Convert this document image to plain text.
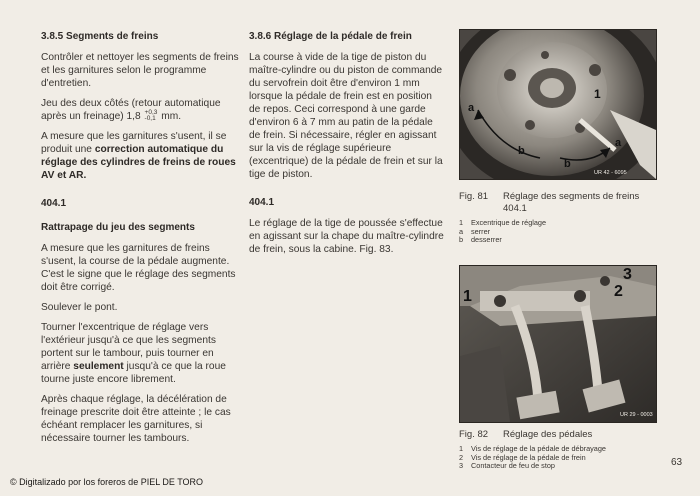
3.8.5 Segments de freins

Contrôler et nettoyer les segments de freins et les garnitures selon le programme d'entretien.

Jeu des deux côtés (retour automatique après un freinage) 1,8 +0,3
-0,1 mm.

A mesure que les garnitures s'usent, il se produit une correction automatique du réglage des cylindres de freins de roues AV et AR.

404.1
Rattrapage du jeu des segments

A mesure que les garnitures de freins s'usent, la course de la pédale augmente. C'est le signe que le réglage des segments doit être corrigé.

Soulever le pont.

Tourner l'excentrique de réglage vers l'extérieur jusqu'à ce que les segments portent sur le tambour, puis tourner en arrière seulement jusqu'à ce que la roue tourne juste encore librement.

Après chaque réglage, la décélération de freinage prescrite doit être atteinte ; le cas échéant remplacer les garnitures, si nécessaire tourner les tambours.

3.8.6 Réglage de la pédale de frein

La course à vide de la tige de piston du maître-cylindre ou du piston de commande du servofrein doit être d'environ 1 mm lorsque la pédale de frein est en position de repos. Ceci correspond à une garde d'environ 6 à 7 mm au patin de la pédale de frein. Si nécessaire, régler en agissant sur la vis de réglage supérieure (excentrique) de la pédale de frein et sur la tige de piston.

404.1

Le réglage de la tige de poussée s'effectue en agissant sur la chape du maître-cylindre de frein, sous la cabine. Fig. 83.

1
a
b
b
a
UR 42 - 6095
Fig. 81	Réglage des segments de freins 404.1
1	Excentrique de réglage
a	serrer
b	desserrer
1	2
3
UR 29 - 0003
Fig. 82	Réglage des pédales
1	Vis de réglage de la pédale de débrayage
2	Vis de réglage de la pédale de frein
3	Contacteur de feu de stop	63
© Digitalizado por los foreros de PIEL DE TORO
